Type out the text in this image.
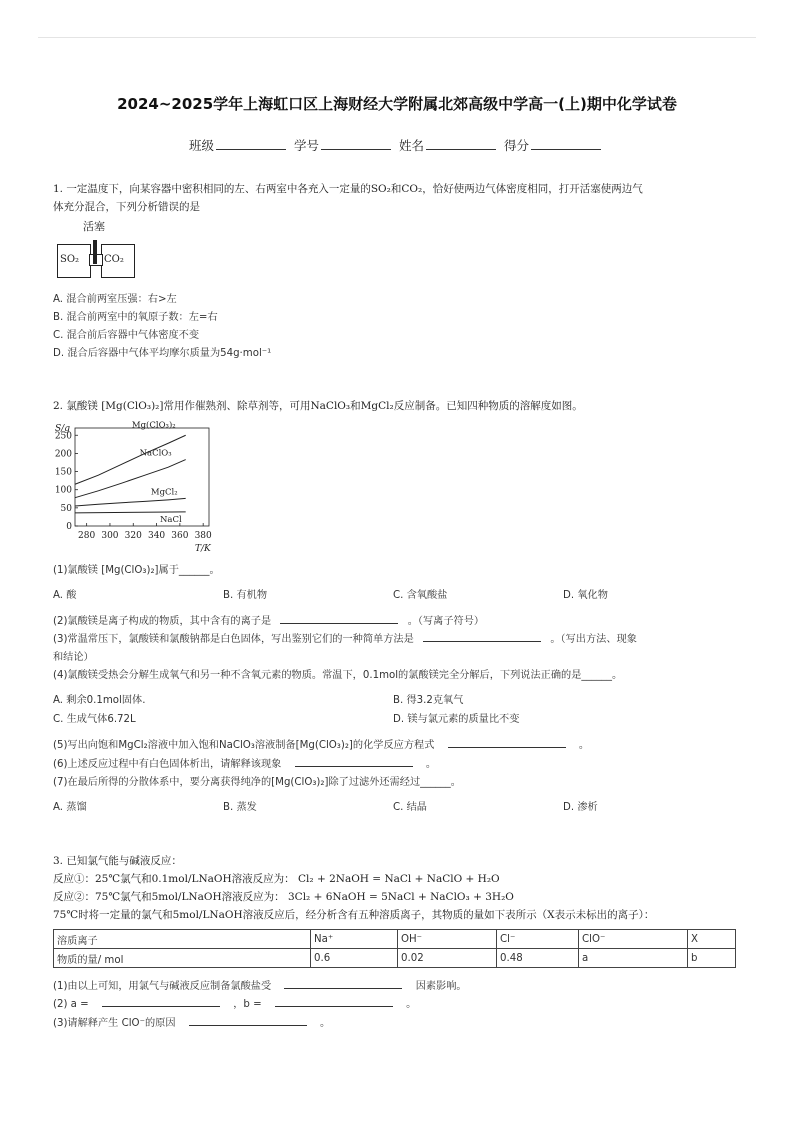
2024~2025学年上海虹口区上海财经大学附属北郊高级中学高一(上)期中化学试卷
班级	学号	姓名	得分
1. 一定温度下，向某容器中密积相同的左、右两室中各充入一定量的SO₂和CO₂，恰好使两边气体密度相同，打开活塞使两边气
体充分混合，下列分析错误的是
活塞
SO₂ CO₂
A. 混合前两室压强：右>左
B. 混合前两室中的氧原子数：左=右
C. 混合前后容器中气体密度不变
D. 混合后容器中气体平均摩尔质量为54g·mol⁻¹
2. 氯酸镁 [Mg(ClO₃)₂]常用作催熟剂、除草剂等，可用NaClO₃和MgCl₂反应制备。已知四种物质的溶解度如图。
S/g
T/K
0
50
100
150
200
250
280 300 320 340 360 380
Mg(ClO₃)₂
NaClO₃
MgCl₂
NaCl
(1)氯酸镁 [Mg(ClO₃)₂]属于______。
A. 酸	B. 有机物	C. 含氧酸盐	D. 氧化物
(2)氯酸镁是离子构成的物质，其中含有的离子是	。（写离子符号）
(3)常温常压下，氯酸镁和氯酸钠都是白色固体，写出鉴别它们的一种简单方法是	。（写出方法、现象
和结论）
(4)氯酸镁受热会分解生成氧气和另一种不含氧元素的物质。常温下，0.1mol的氯酸镁完全分解后，下列说法正确的是______。
A. 剩余0.1mol固体.	B. 得3.2克氧气
C. 生成气体6.72L	D. 镁与氯元素的质量比不变
(5)写出向饱和MgCl₂溶液中加入饱和NaClO₃溶液制备[Mg(ClO₃)₂]的化学反应方程式	。
(6)上述反应过程中有白色固体析出，请解释该现象	。
(7)在最后所得的分散体系中，要分离获得纯净的[Mg(ClO₃)₂]除了过滤外还需经过______。
A. 蒸馏	B. 蒸发	C. 结晶	D. 渗析
3. 已知氯气能与碱液反应：
反应①：25℃氯气和0.1mol/LNaOH溶液反应为： Cl₂ + 2NaOH = NaCl + NaClO + H₂O
反应②：75℃氯气和5mol/LNaOH溶液反应为： 3Cl₂ + 6NaOH = 5NaCl + NaClO₃ + 3H₂O
75℃时将一定量的氯气和5mol/LNaOH溶液反应后，经分析含有五种溶质离子，其物质的量如下表所示（X表示未标出的离子）：
溶质离子	Na⁺	OH⁻	Cl⁻	ClO⁻	X
物质的量/ mol	0.6	0.02	0.48	a	b
(1)由以上可知，用氯气与碱液反应制备氯酸盐受	因素影响。
(2) a =	，b =	。
(3)请解释产生 ClO⁻的原因	。
